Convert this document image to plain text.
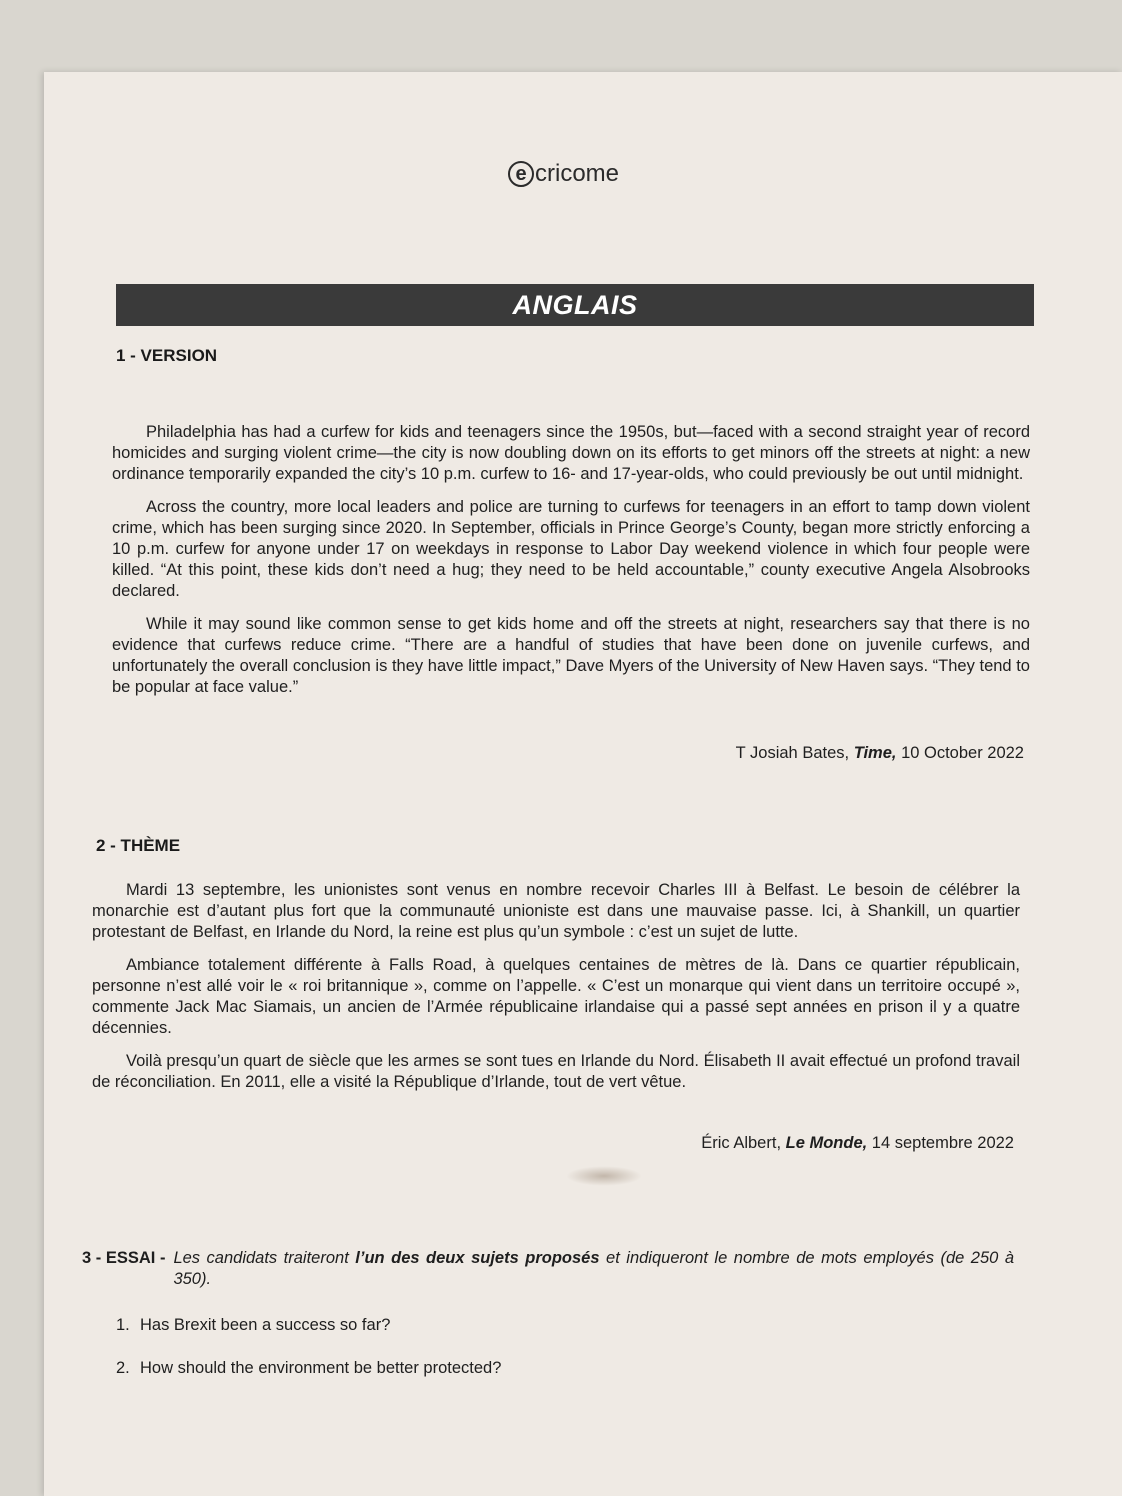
e cricome
ANGLAIS
1 - VERSION

Philadelphia has had a curfew for kids and teenagers since the 1950s, but—faced with a second straight year of record homicides and surging violent crime—the city is now doubling down on its efforts to get minors off the streets at night: a new ordinance temporarily expanded the city’s 10 p.m. curfew to 16- and 17-year-olds, who could previously be out until midnight.

Across the country, more local leaders and police are turning to curfews for teenagers in an effort to tamp down violent crime, which has been surging since 2020. In September, officials in Prince George’s County, began more strictly enforcing a 10 p.m. curfew for anyone under 17 on weekdays in response to Labor Day weekend violence in which four people were killed. “At this point, these kids don’t need a hug; they need to be held accountable,” county executive Angela Alsobrooks declared.

While it may sound like common sense to get kids home and off the streets at night, researchers say that there is no evidence that curfews reduce crime. “There are a handful of studies that have been done on juvenile curfews, and unfortunately the overall conclusion is they have little impact,” Dave Myers of the University of New Haven says. “They tend to be popular at face value.”

T Josiah Bates, Time, 10 October 2022
2 - THÈME

Mardi 13 septembre, les unionistes sont venus en nombre recevoir Charles III à Belfast. Le besoin de célébrer la monarchie est d’autant plus fort que la communauté unioniste est dans une mauvaise passe. Ici, à Shankill, un quartier protestant de Belfast, en Irlande du Nord, la reine est plus qu’un symbole : c’est un sujet de lutte.

Ambiance totalement différente à Falls Road, à quelques centaines de mètres de là. Dans ce quartier républicain, personne n’est allé voir le « roi britannique », comme on l’appelle. « C’est un monarque qui vient dans un territoire occupé », commente Jack Mac Siamais, un ancien de l’Armée républicaine irlandaise qui a passé sept années en prison il y a quatre décennies.

Voilà presqu’un quart de siècle que les armes se sont tues en Irlande du Nord. Élisabeth II avait effectué un profond travail de réconciliation. En 2011, elle a visité la République d’Irlande, tout de vert vêtue.

Éric Albert, Le Monde, 14 septembre 2022
3 - ESSAI - Les candidats traiteront l’un des deux sujets proposés et indiqueront le nombre de mots employés (de 250 à 350).
1. Has Brexit been a success so far?
2. How should the environment be better protected?
